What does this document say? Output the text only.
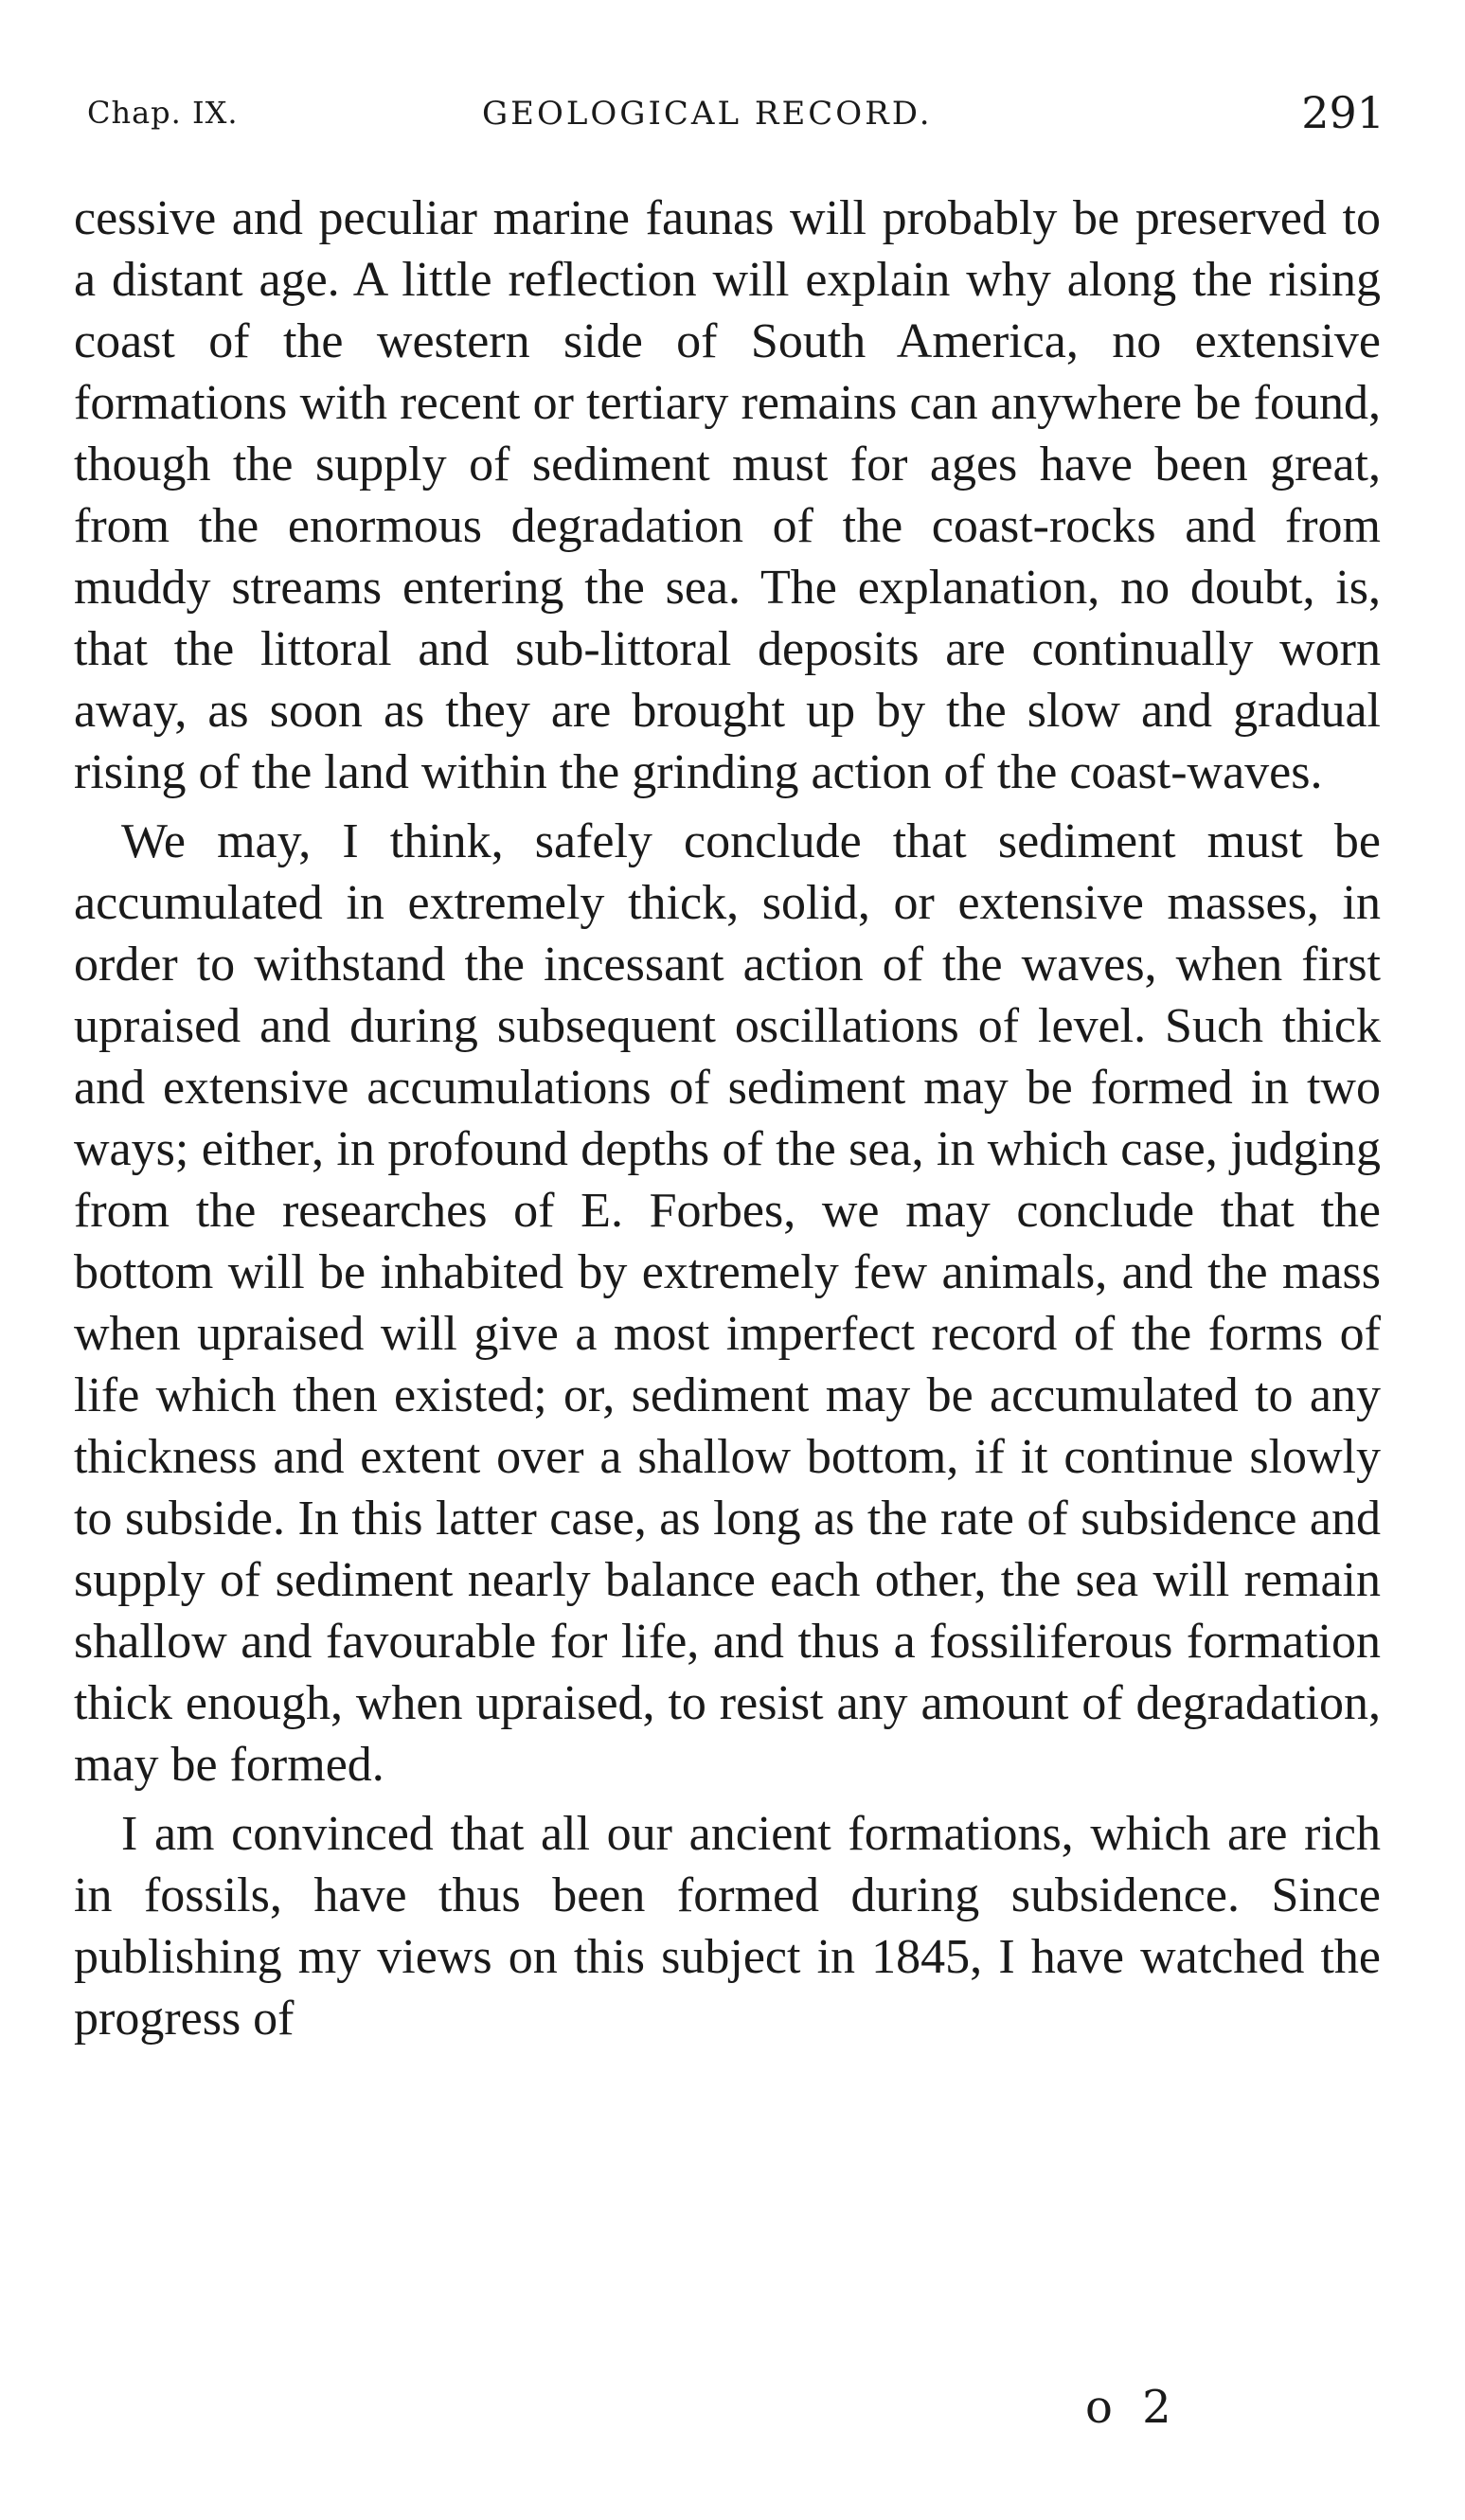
Chap. IX.	GEOLOGICAL RECORD.	291

cessive and peculiar marine faunas will probably be preserved to a distant age. A little reflection will explain why along the rising coast of the western side of South America, no extensive formations with recent or tertiary remains can anywhere be found, though the supply of sediment must for ages have been great, from the enormous degradation of the coast-rocks and from muddy streams entering the sea. The explanation, no doubt, is, that the littoral and sub-littoral deposits are continually worn away, as soon as they are brought up by the slow and gradual rising of the land within the grinding action of the coast-waves.

We may, I think, safely conclude that sediment must be accumulated in extremely thick, solid, or extensive masses, in order to withstand the incessant action of the waves, when first upraised and during subsequent oscillations of level. Such thick and extensive accumulations of sediment may be formed in two ways; either, in profound depths of the sea, in which case, judging from the researches of E. Forbes, we may conclude that the bottom will be inhabited by extremely few animals, and the mass when upraised will give a most imperfect record of the forms of life which then existed; or, sediment may be accumulated to any thickness and extent over a shallow bottom, if it continue slowly to subside. In this latter case, as long as the rate of subsidence and supply of sediment nearly balance each other, the sea will remain shallow and favourable for life, and thus a fossiliferous formation thick enough, when upraised, to resist any amount of degradation, may be formed.

I am convinced that all our ancient formations, which are rich in fossils, have thus been formed during subsidence. Since publishing my views on this subject in 1845, I have watched the progress of

o 2
